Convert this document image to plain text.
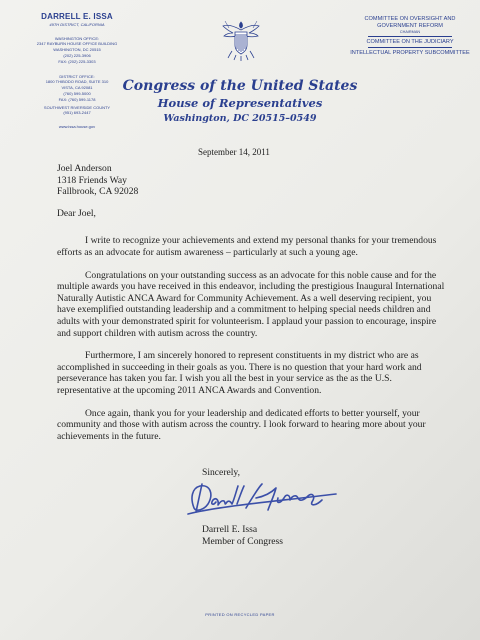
DARRELL E. ISSA
49TH DISTRICT, CALIFORNIA
WASHINGTON OFFICE:
2347 RAYBURN HOUSE OFFICE BUILDING
WASHINGTON, DC 20515
(202) 225-3906
FAX: (202) 225-3303
DISTRICT OFFICE:
1800 THIBODO ROAD, SUITE 310
VISTA, CA 92081
(760) 599-5000
FAX: (760) 599-1178
SOUTHWEST RIVERSIDE COUNTY
(951) 693-2447
www.issa.house.gov
COMMITTEE ON OVERSIGHT AND GOVERNMENT REFORM
CHAIRMAN
COMMITTEE ON THE JUDICIARY
INTELLECTUAL PROPERTY SUBCOMMITTEE
Congress of the United States
House of Representatives
Washington, DC 20515–0549
September 14, 2011
Joel Anderson
1318 Friends Way
Fallbrook, CA 92028
Dear Joel,

I write to recognize your achievements and extend my personal thanks for your tremendous efforts as an advocate for autism awareness – particularly at such a young age.

Congratulations on your outstanding success as an advocate for this noble cause and for the multiple awards you have received in this endeavor, including the prestigious Inaugural International Naturally Autistic ANCA Award for Community Achievement. As a well deserving recipient, you have exemplified outstanding leadership and a commitment to helping special needs children and adults with your demonstrated spirit for volunteerism. I applaud your passion to encourage, inspire and support children with autism across the country.

Furthermore, I am sincerely honored to represent constituents in my district who are as accomplished in succeeding in their goals as you. There is no question that your hard work and perseverance has taken you far. I wish you all the best in your service as the as the U.S. representative at the upcoming 2011 ANCA Awards and Convention.

Once again, thank you for your leadership and dedicated efforts to better yourself, your community and those with autism across the country. I look forward to hearing more about your achievements in the future.

Sincerely,
Darrell E. Issa
Member of Congress
PRINTED ON RECYCLED PAPER
